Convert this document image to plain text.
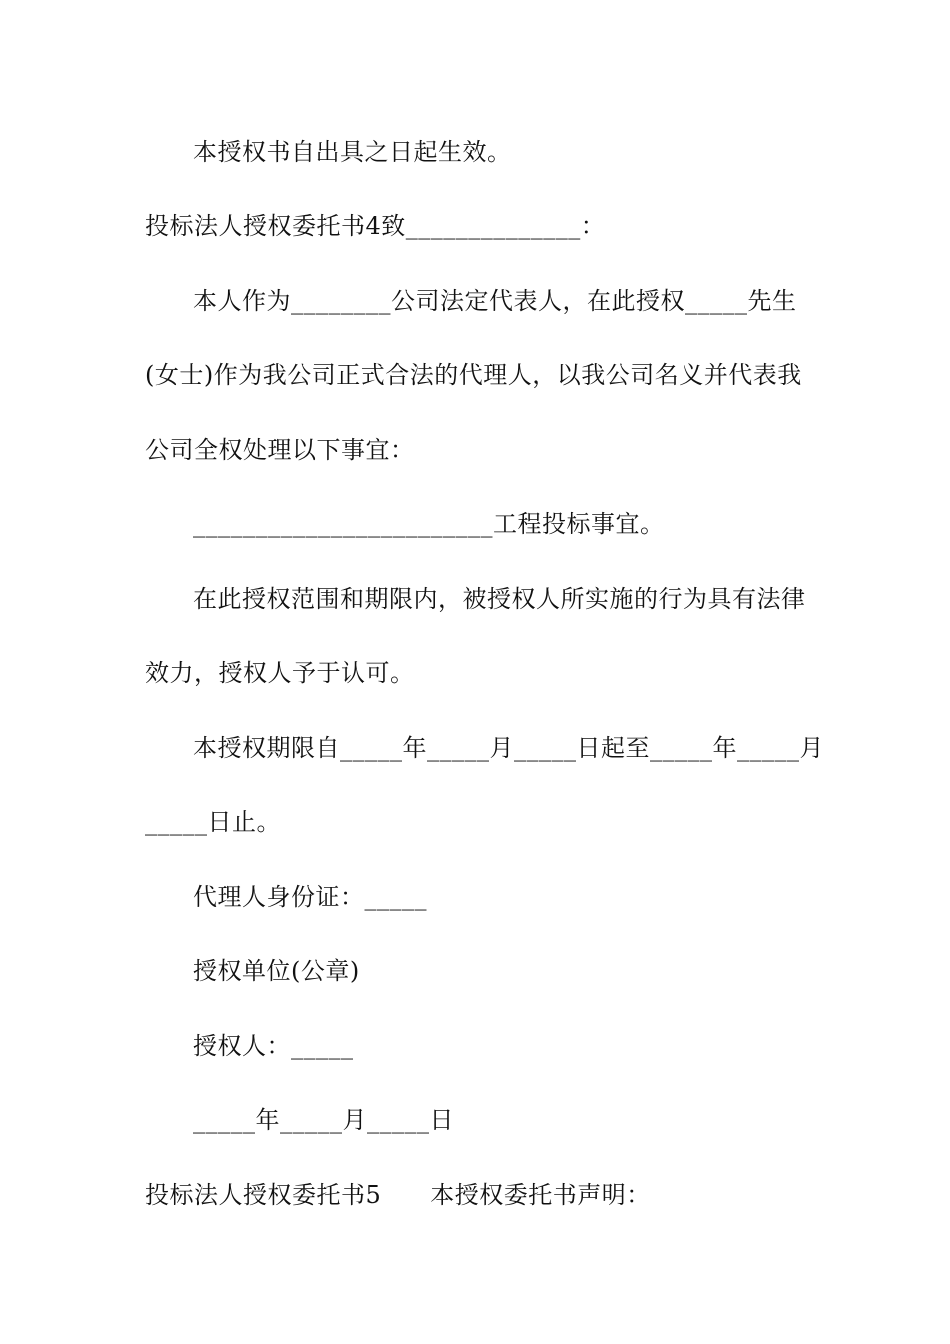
本授权书自出具之日起生效。
投标法人授权委托书4致______________：
本人作为________公司法定代表人，在此授权_____先生
(女士)作为我公司正式合法的代理人，以我公司名义并代表我
公司全权处理以下事宜：
________________________工程投标事宜。
在此授权范围和期限内，被授权人所实施的行为具有法律
效力，授权人予于认可。
本授权期限自_____年_____月_____日起至_____年_____月
_____日止。
代理人身份证：_____
授权单位(公章)
授权人：_____
_____年_____月_____日
投标法人授权委托书5　　本授权委托书声明：
